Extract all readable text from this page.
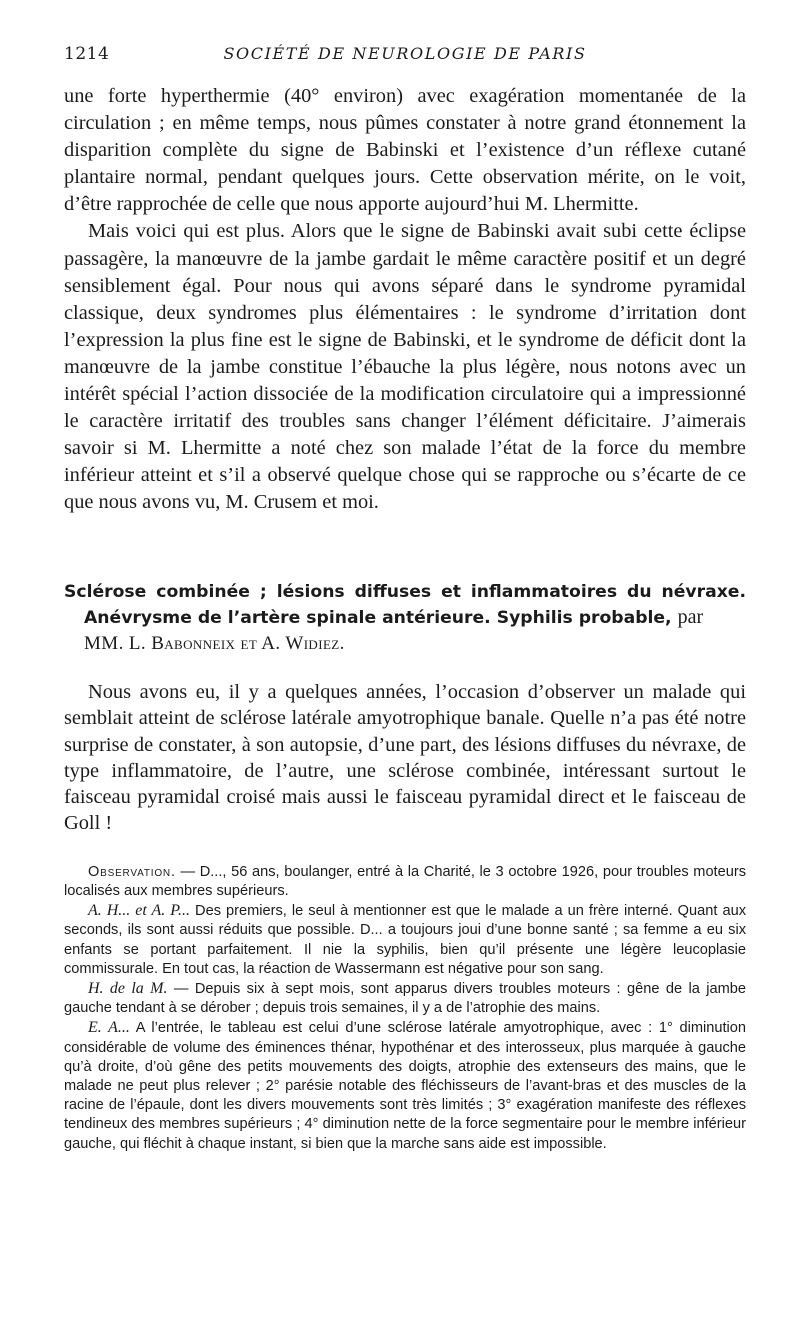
1214	SOCIÉTÉ DE NEUROLOGIE DE PARIS

une forte hyperthermie (40° environ) avec exagération momentanée de la circulation ; en même temps, nous pûmes constater à notre grand étonnement la disparition complète du signe de Babinski et l’existence d’un réflexe cutané plantaire normal, pendant quelques jours. Cette observation mérite, on le voit, d’être rapprochée de celle que nous apporte aujourd’hui M. Lhermitte.

Mais voici qui est plus. Alors que le signe de Babinski avait subi cette éclipse passagère, la manœuvre de la jambe gardait le même caractère positif et un degré sensiblement égal. Pour nous qui avons séparé dans le syndrome pyramidal classique, deux syndromes plus élémentaires : le syndrome d’irritation dont l’expression la plus fine est le signe de Babinski, et le syndrome de déficit dont la manœuvre de la jambe constitue l’ébauche la plus légère, nous notons avec un intérêt spécial l’action dissociée de la modification circulatoire qui a impressionné le caractère irritatif des troubles sans changer l’élément déficitaire. J’aimerais savoir si M. Lhermitte a noté chez son malade l’état de la force du membre inférieur atteint et s’il a observé quelque chose qui se rapproche ou s’écarte de ce que nous avons vu, M. Crusem et moi.

Sclérose combinée ; lésions diffuses et inflammatoires du névraxe.
Anévrysme de l’artère spinale antérieure. Syphilis probable, par

MM. L. Babonneix et A. Widiez.

Nous avons eu, il y a quelques années, l’occasion d’observer un malade qui semblait atteint de sclérose latérale amyotrophique banale. Quelle n’a pas été notre surprise de constater, à son autopsie, d’une part, des lésions diffuses du névraxe, de type inflammatoire, de l’autre, une sclérose combinée, intéressant surtout le faisceau pyramidal croisé mais aussi le faisceau pyramidal direct et le faisceau de Goll !

Observation. — D..., 56 ans, boulanger, entré à la Charité, le 3 octobre 1926, pour troubles moteurs localisés aux membres supérieurs.

A. H... et A. P... Des premiers, le seul à mentionner est que le malade a un frère interné. Quant aux seconds, ils sont aussi réduits que possible. D... a toujours joui d’une bonne santé ; sa femme a eu six enfants se portant parfaitement. Il nie la syphilis, bien qu’il présente une légère leucoplasie commissurale. En tout cas, la réaction de Wassermann est négative pour son sang.

H. de la M. — Depuis six à sept mois, sont apparus divers troubles moteurs : gêne de la jambe gauche tendant à se dérober ; depuis trois semaines, il y a de l’atrophie des mains.

E. A... A l’entrée, le tableau est celui d’une sclérose latérale amyotrophique, avec : 1° diminution considérable de volume des éminences thénar, hypothénar et des interosseux, plus marquée à gauche qu’à droite, d’où gêne des petits mouvements des doigts, atrophie des extenseurs des mains, que le malade ne peut plus relever ; 2° parésie notable des fléchisseurs de l’avant-bras et des muscles de la racine de l’épaule, dont les divers mouvements sont très limités ; 3° exagération manifeste des réflexes tendineux des membres supérieurs ; 4° diminution nette de la force segmentaire pour le membre inférieur gauche, qui fléchit à chaque instant, si bien que la marche sans aide est impossible.
